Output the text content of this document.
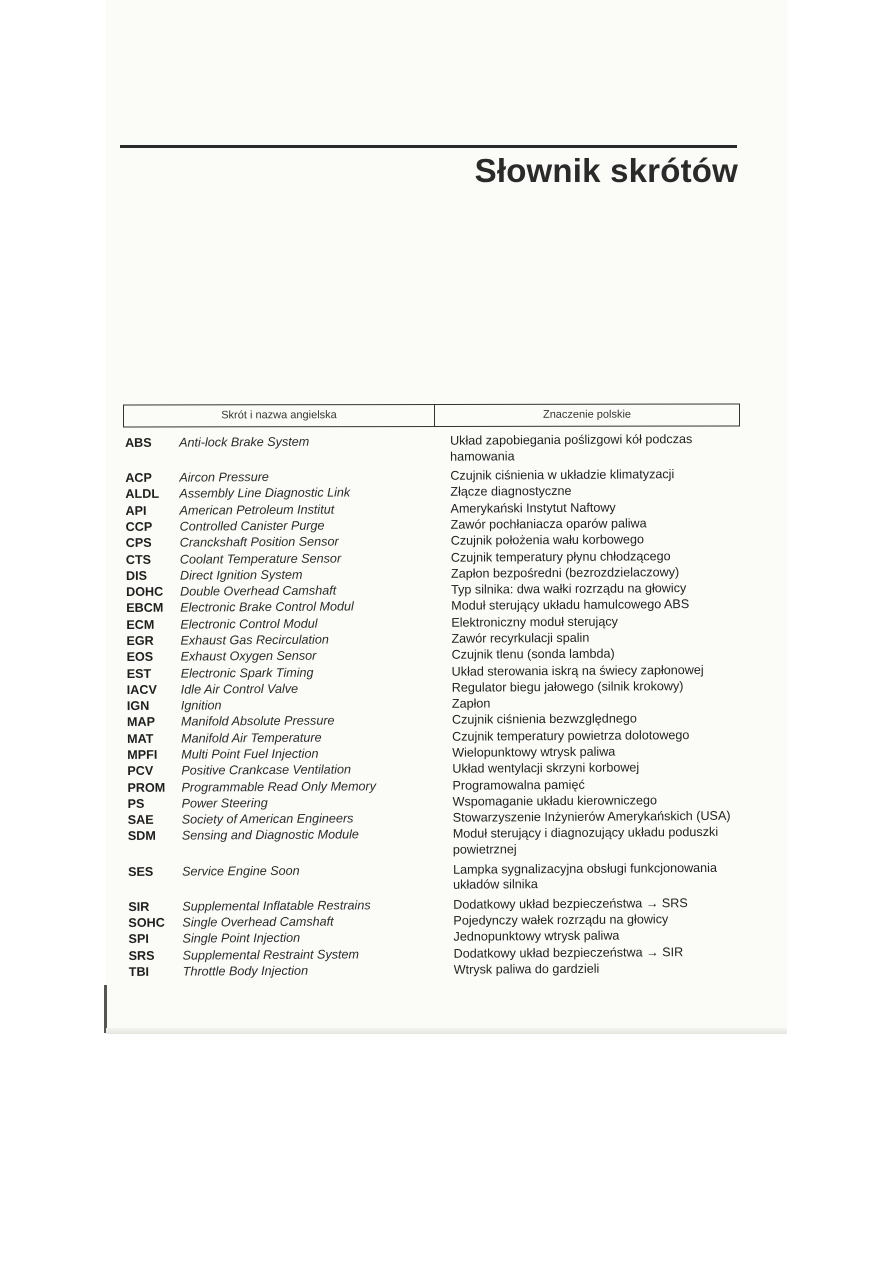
Słownik skrótów
Skrót i nazwa angielska	Znaczenie polskie
ABS	Anti-lock Brake System	Układ zapobiegania poślizgowi kół podczas hamowania
ACP	Aircon Pressure	Czujnik ciśnienia w układzie klimatyzacji
ALDL	Assembly Line Diagnostic Link	Złącze diagnostyczne
API	American Petroleum Institut	Amerykański Instytut Naftowy
CCP	Controlled Canister Purge	Zawór pochłaniacza oparów paliwa
CPS	Cranckshaft Position Sensor	Czujnik położenia wału korbowego
CTS	Coolant Temperature Sensor	Czujnik temperatury płynu chłodzącego
DIS	Direct Ignition System	Zapłon bezpośredni (bezrozdzielaczowy)
DOHC	Double Overhead Camshaft	Typ silnika: dwa wałki rozrządu na głowicy
EBCM	Electronic Brake Control Modul	Moduł sterujący układu hamulcowego ABS
ECM	Electronic Control Modul	Elektroniczny moduł sterujący
EGR	Exhaust Gas Recirculation	Zawór recyrkulacji spalin
EOS	Exhaust Oxygen Sensor	Czujnik tlenu (sonda lambda)
EST	Electronic Spark Timing	Układ sterowania iskrą na świecy zapłonowej
IACV	Idle Air Control Valve	Regulator biegu jałowego (silnik krokowy)
IGN	Ignition	Zapłon
MAP	Manifold Absolute Pressure	Czujnik ciśnienia bezwzględnego
MAT	Manifold Air Temperature	Czujnik temperatury powietrza dolotowego
MPFI	Multi Point Fuel Injection	Wielopunktowy wtrysk paliwa
PCV	Positive Crankcase Ventilation	Układ wentylacji skrzyni korbowej
PROM	Programmable Read Only Memory	Programowalna pamięć
PS	Power Steering	Wspomaganie układu kierowniczego
SAE	Society of American Engineers	Stowarzyszenie Inżynierów Amerykańskich (USA)
SDM	Sensing and Diagnostic Module	Moduł sterujący i diagnozujący układu poduszki powietrznej
SES	Service Engine Soon	Lampka sygnalizacyjna obsługi funkcjonowania układów silnika
SIR	Supplemental Inflatable Restrains	Dodatkowy układ bezpieczeństwa → SRS
SOHC	Single Overhead Camshaft	Pojedynczy wałek rozrządu na głowicy
SPI	Single Point Injection	Jednopunktowy wtrysk paliwa
SRS	Supplemental Restraint System	Dodatkowy układ bezpieczeństwa → SIR
TBI	Throttle Body Injection	Wtrysk paliwa do gardzieli
